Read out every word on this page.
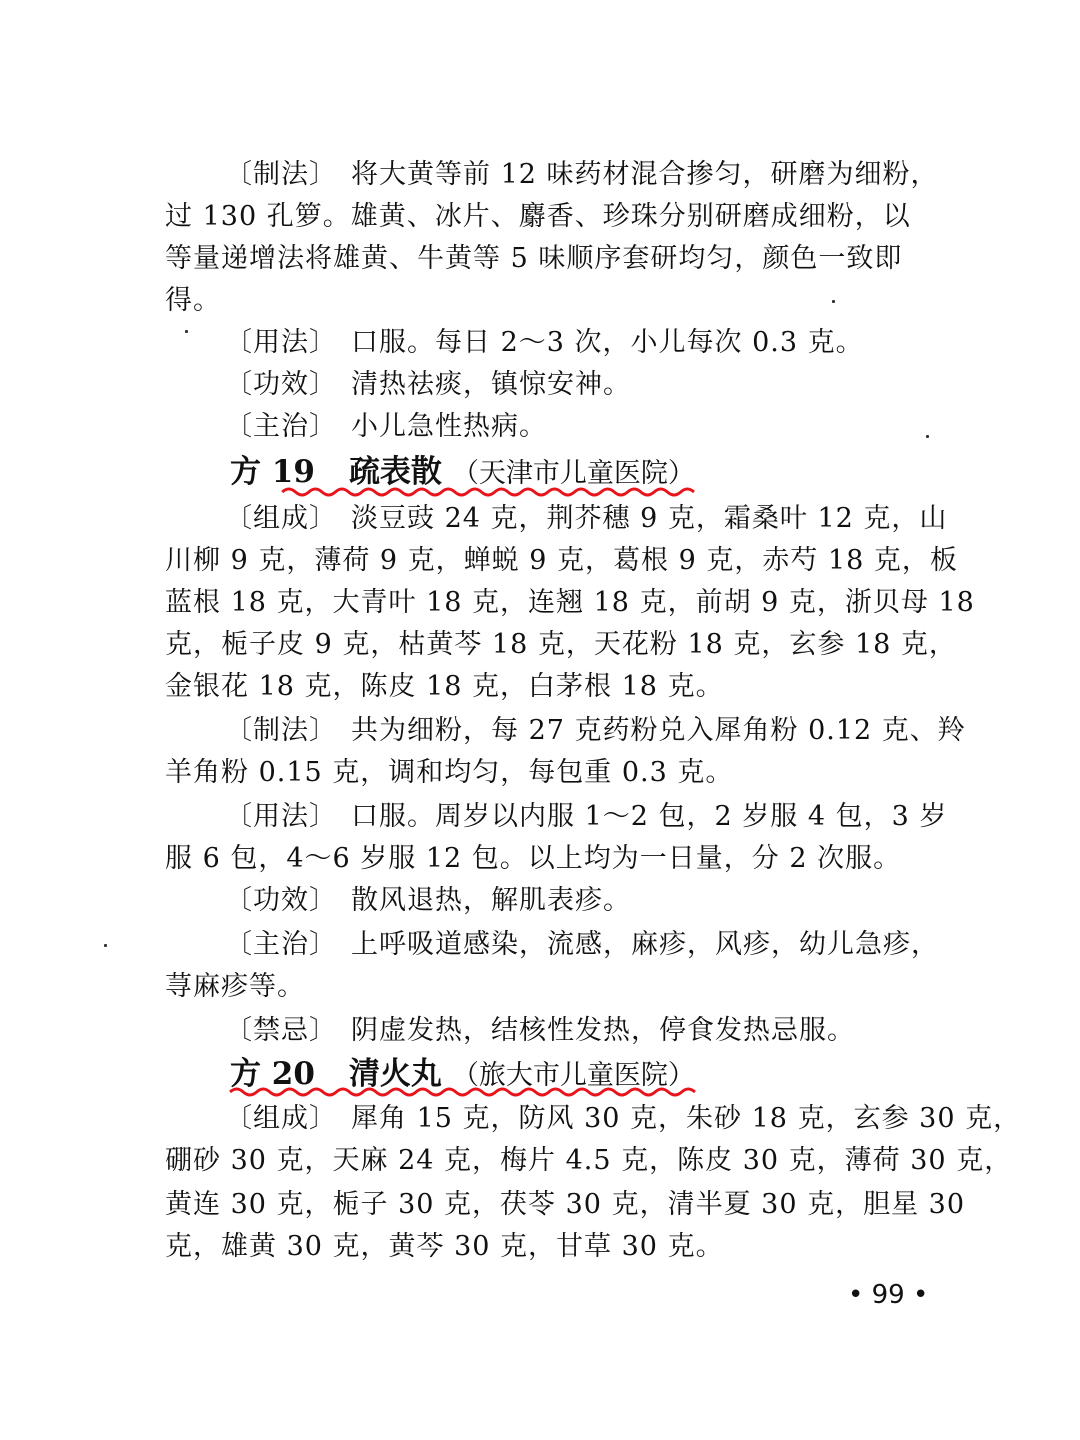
〔制法〕 将大黄等前 12 味药材混合掺匀，研磨为细粉，
过 130 孔箩。雄黄、冰片、麝香、珍珠分别研磨成细粉，以
等量递增法将雄黄、牛黄等 5 味顺序套研均匀，颜色一致即
得。
〔用法〕 口服。每日 2～3 次，小儿每次 0.3 克。
〔功效〕 清热祛痰，镇惊安神。
〔主治〕 小儿急性热病。
方 19 疏表散 （天津市儿童医院）
〔组成〕 淡豆豉 24 克，荆芥穗 9 克，霜桑叶 12 克，山
川柳 9 克，薄荷 9 克，蝉蜕 9 克，葛根 9 克，赤芍 18 克，板
蓝根 18 克，大青叶 18 克，连翘 18 克，前胡 9 克，浙贝母 18
克，栀子皮 9 克，枯黄芩 18 克，天花粉 18 克，玄参 18 克，
金银花 18 克，陈皮 18 克，白茅根 18 克。
〔制法〕 共为细粉，每 27 克药粉兑入犀角粉 0.12 克、羚
羊角粉 0.15 克，调和均匀，每包重 0.3 克。
〔用法〕 口服。周岁以内服 1～2 包，2 岁服 4 包，3 岁
服 6 包，4～6 岁服 12 包。以上均为一日量，分 2 次服。
〔功效〕 散风退热，解肌表疹。
〔主治〕 上呼吸道感染，流感，麻疹，风疹，幼儿急疹，
荨麻疹等。
〔禁忌〕 阴虚发热，结核性发热，停食发热忌服。
方 20 清火丸 （旅大市儿童医院）
〔组成〕 犀角 15 克，防风 30 克，朱砂 18 克，玄参 30 克，
硼砂 30 克，天麻 24 克，梅片 4.5 克，陈皮 30 克，薄荷 30 克，
黄连 30 克，栀子 30 克，茯苓 30 克，清半夏 30 克，胆星 30
克，雄黄 30 克，黄芩 30 克，甘草 30 克。
• 99 •
